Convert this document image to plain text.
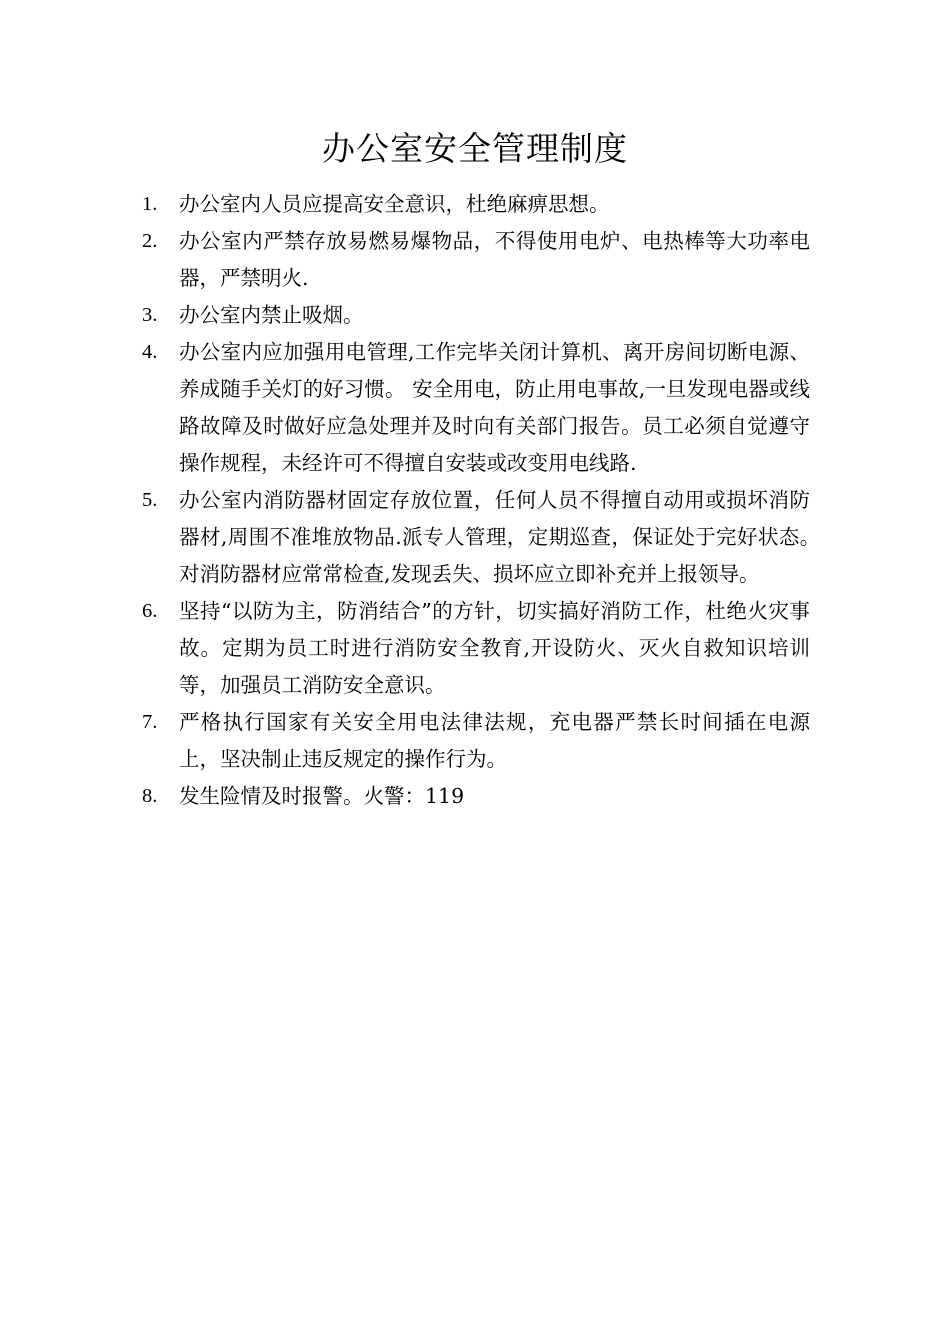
办公室安全管理制度
1.	办公室内人员应提高安全意识，杜绝麻痹思想。
2.	办公室内严禁存放易燃易爆物品，不得使用电炉、电热棒等大功率电器，严禁明火.
3.	办公室内禁止吸烟。
4.	办公室内应加强用电管理,工作完毕关闭计算机、离开房间切断电源、养成随手关灯的好习惯。 安全用电，防止用电事故,一旦发现电器或线路故障及时做好应急处理并及时向有关部门报告。员工必须自觉遵守操作规程，未经许可不得擅自安装或改变用电线路.
5.	办公室内消防器材固定存放位置，任何人员不得擅自动用或损坏消防器材,周围不准堆放物品.派专人管理，定期巡查，保证处于完好状态。　对消防器材应常常检查,发现丢失、损坏应立即补充并上报领导。
6.	坚持“以防为主，防消结合”的方针，切实搞好消防工作，杜绝火灾事故。定期为员工时进行消防安全教育,开设防火、灭火自救知识培训等，加强员工消防安全意识。
7.	严格执行国家有关安全用电法律法规，充电器严禁长时间插在电源上，坚决制止违反规定的操作行为。
8.	发生险情及时报警。火警：119
